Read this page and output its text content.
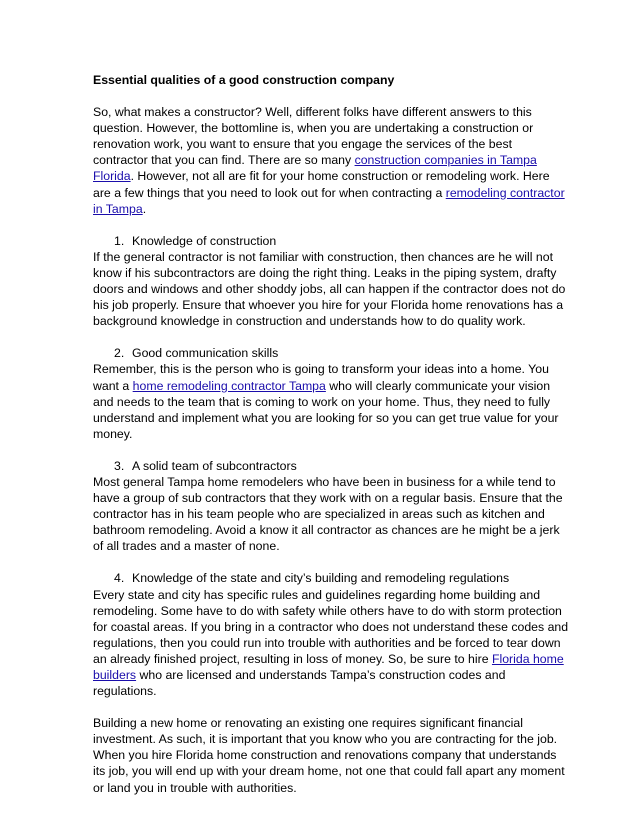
Essential qualities of a good construction company
So, what makes a constructor? Well, different folks have different answers to this
question. However, the bottomline is, when you are undertaking a construction or
renovation work, you want to ensure that you engage the services of the best
contractor that you can find. There are so many construction companies in Tampa
Florida. However, not all are fit for your home construction or remodeling work. Here
are a few things that you need to look out for when contracting a remodeling contractor
in Tampa.
1. Knowledge of construction
If the general contractor is not familiar with construction, then chances are he will not
know if his subcontractors are doing the right thing. Leaks in the piping system, drafty
doors and windows and other shoddy jobs, all can happen if the contractor does not do
his job properly. Ensure that whoever you hire for your Florida home renovations has a
background knowledge in construction and understands how to do quality work.
2. Good communication skills
Remember, this is the person who is going to transform your ideas into a home. You
want a home remodeling contractor Tampa who will clearly communicate your vision
and needs to the team that is coming to work on your home. Thus, they need to fully
understand and implement what you are looking for so you can get true value for your
money.
3. A solid team of subcontractors
Most general Tampa home remodelers who have been in business for a while tend to
have a group of sub contractors that they work with on a regular basis. Ensure that the
contractor has in his team people who are specialized in areas such as kitchen and
bathroom remodeling. Avoid a know it all contractor as chances are he might be a jerk
of all trades and a master of none.
4. Knowledge of the state and city’s building and remodeling regulations
Every state and city has specific rules and guidelines regarding home building and
remodeling. Some have to do with safety while others have to do with storm protection
for coastal areas. If you bring in a contractor who does not understand these codes and
regulations, then you could run into trouble with authorities and be forced to tear down
an already finished project, resulting in loss of money. So, be sure to hire Florida home
builders who are licensed and understands Tampa’s construction codes and
regulations.
Building a new home or renovating an existing one requires significant financial
investment. As such, it is important that you know who you are contracting for the job.
When you hire Florida home construction and renovations company that understands
its job, you will end up with your dream home, not one that could fall apart any moment
or land you in trouble with authorities.
